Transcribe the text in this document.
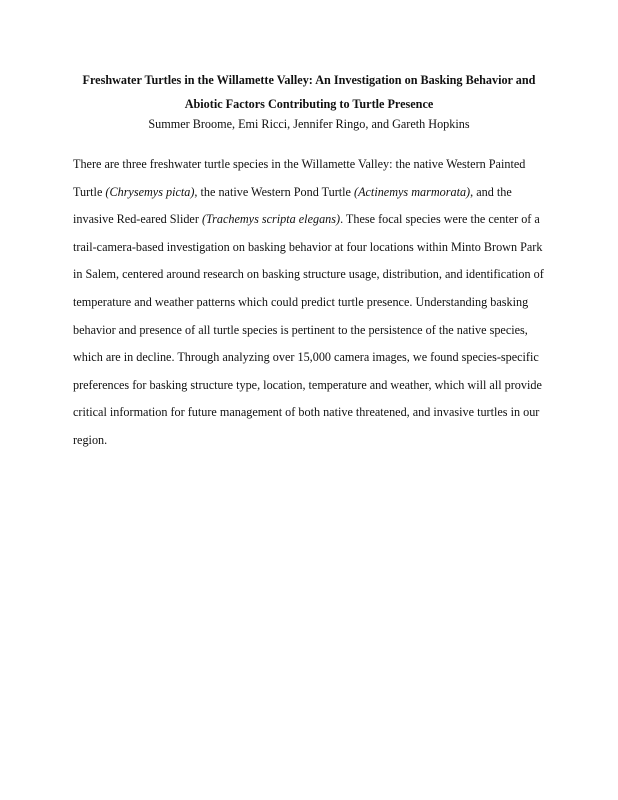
Freshwater Turtles in the Willamette Valley: An Investigation on Basking Behavior and
Abiotic Factors Contributing to Turtle Presence

Summer Broome, Emi Ricci, Jennifer Ringo, and Gareth Hopkins

There are three freshwater turtle species in the Willamette Valley: the native Western Painted Turtle (Chrysemys picta), the native Western Pond Turtle (Actinemys marmorata), and the invasive Red-eared Slider (Trachemys scripta elegans). These focal species were the center of a trail-camera-based investigation on basking behavior at four locations within Minto Brown Park in Salem, centered around research on basking structure usage, distribution, and identification of temperature and weather patterns which could predict turtle presence. Understanding basking behavior and presence of all turtle species is pertinent to the persistence of the native species, which are in decline. Through analyzing over 15,000 camera images, we found species-specific preferences for basking structure type, location, temperature and weather, which will all provide critical information for future management of both native threatened, and invasive turtles in our region.
